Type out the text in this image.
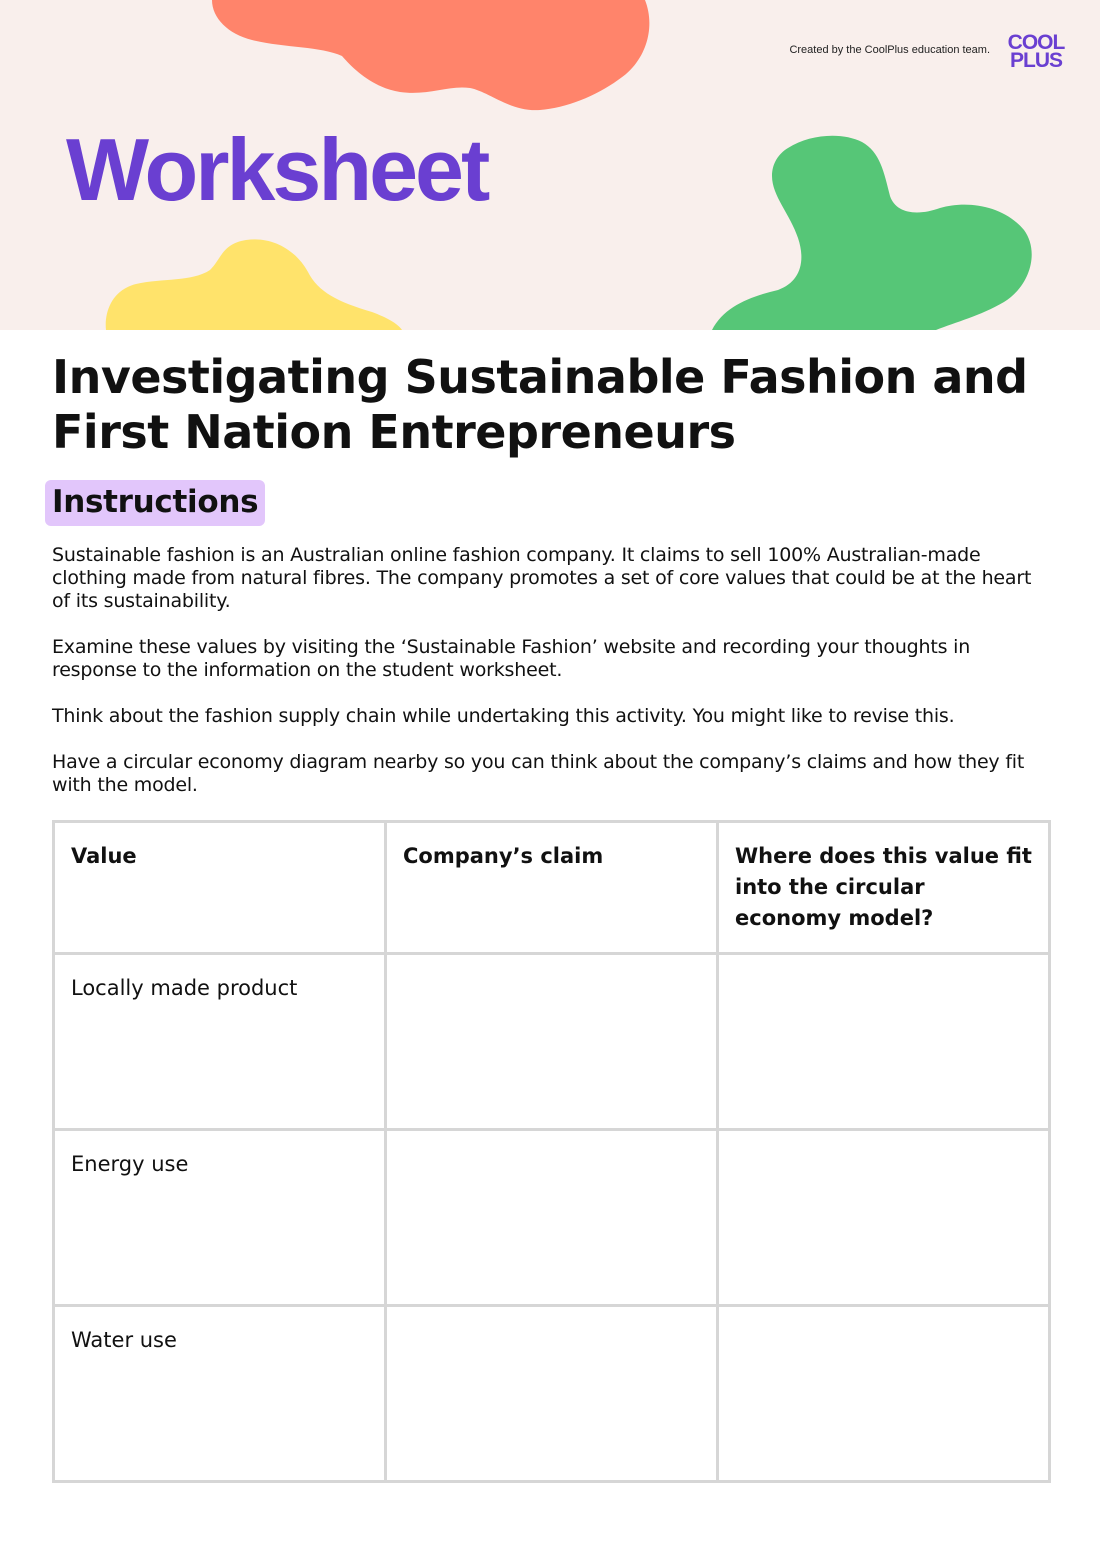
Created by the CoolPlus education team. COOL
PLUS
Worksheet
Investigating Sustainable Fashion and First Nation Entrepreneurs
Instructions

Sustainable fashion is an Australian online fashion company. It claims to sell 100% Australian-made clothing made from natural fibres. The company promotes a set of core values that could be at the heart of its sustainability.

Examine these values by visiting the ‘Sustainable Fashion’ website and recording your thoughts in response to the information on the student worksheet.

Think about the fashion supply chain while undertaking this activity. You might like to revise this.

Have a circular economy diagram nearby so you can think about the company’s claims and how they fit with the model.

Value	Company’s claim	Where does this value fit into the circular economy model?
Locally made product		
Energy use		
Water use		
